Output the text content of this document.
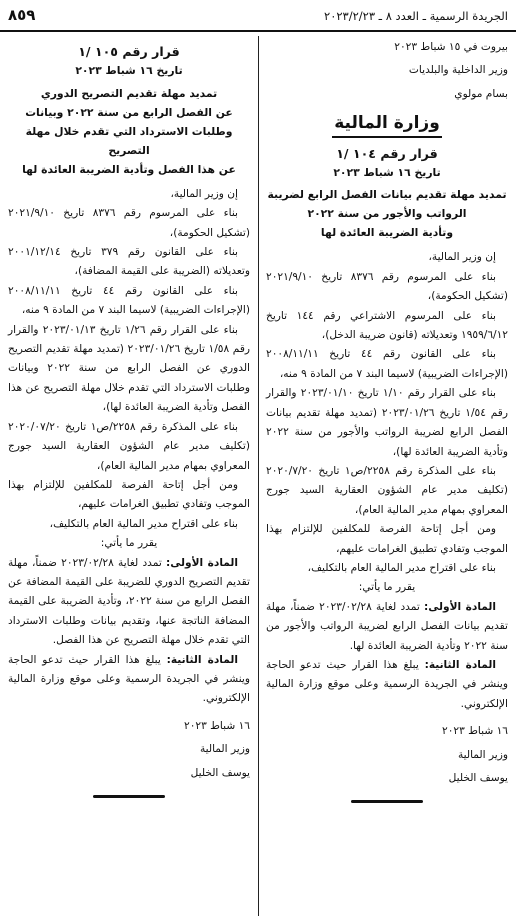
٨٥٩	الجريدة الرسمية ـ العدد ٨ ـ ٢٠٢٣/٢/٢٣

بيروت في ١٥ شباط ٢٠٢٣

وزير الداخلية والبلديات

بسام مولوي

وزارة المالية
قرار رقم ١٠٤ /١
تاريخ ١٦ شباط ٢٠٢٣
تمديد مهلة تقديم بيانات الفصل الرابع لضريبة
الرواتب والأجور من سنة ٢٠٢٢
وتأدية الضريبة العائدة لها

إن وزير المالية،

بناء على المرسوم رقم ٨٣٧٦ تاريخ ٢٠٢١/٩/١٠ (تشكيل الحكومة)،

بناء على المرسوم الاشتراعي رقم ١٤٤ تاريخ ١٩٥٩/٦/١٢ وتعديلاته (قانون ضريبة الدخل)،

بناء على القانون رقم ٤٤ تاريخ ٢٠٠٨/١١/١١ (الإجراءات الضريبية) لاسيما البند ٧ من المادة ٩ منه،

بناء على القرار رقم ١/١٠ تاريخ ٢٠٢٣/٠١/١٠ والقرار رقم ١/٥٤ تاريخ ٢٠٢٣/٠١/٢٦ (تمديد مهلة تقديم بيانات الفصل الرابع لضريبة الرواتب والأجور من سنة ٢٠٢٢ وتأدية الضريبة العائدة لها)،

بناء على المذكرة رقم ٢٢٥٨/ص١ تاريخ ٢٠٢٠/٧/٢٠ (تكليف مدير عام الشؤون العقارية السيد جورج المعراوي بمهام مدير المالية العام)،

ومن أجل إتاحة الفرصة للمكلفين للإلتزام بهذا الموجب وتفادي تطبيق الغرامات عليهم،

بناء على اقتراح مدير المالية العام بالتكليف،

يقرر ما يأتي:

المادة الأولى: تمدد لغاية ٢٠٢٣/٠٢/٢٨ ضمناً، مهلة تقديم بيانات الفصل الرابع لضريبة الرواتب والأجور من سنة ٢٠٢٢ وتأدية الضريبة العائدة لها.

المادة الثانية: يبلغ هذا القرار حيث تدعو الحاجة وينشر في الجريدة الرسمية وعلى موقع وزارة المالية الإلكتروني.

١٦ شباط ٢٠٢٣

وزير المالية

يوسف الخليل

قرار رقم ١٠٥ /١
تاريخ ١٦ شباط ٢٠٢٣
تمديد مهلة تقديم التصريح الدوري
عن الفصل الرابع من سنة ٢٠٢٢ وبيانات
وطلبات الاسترداد التي تقدم خلال مهلة التصريح
عن هذا الفصل وتأدية الضريبة العائدة لها

إن وزير المالية،

بناء على المرسوم رقم ٨٣٧٦ تاريخ ٢٠٢١/٩/١٠ (تشكيل الحكومة)،

بناء على القانون رقم ٣٧٩ تاريخ ٢٠٠١/١٢/١٤ وتعديلاته (الضريبة على القيمة المضافة)،

بناء على القانون رقم ٤٤ تاريخ ٢٠٠٨/١١/١١ (الإجراءات الضريبية) لاسيما البند ٧ من المادة ٩ منه،

بناء على القرار رقم ١/٢٦ تاريخ ٢٠٢٣/٠١/١٣ والقرار رقم ١/٥٨ تاريخ ٢٠٢٣/٠١/٢٦ (تمديد مهلة تقديم التصريح الدوري عن الفصل الرابع من سنة ٢٠٢٢ وبيانات وطلبات الاسترداد التي تقدم خلال مهلة التصريح عن هذا الفصل وتأدية الضريبة العائدة لها)،

بناء على المذكرة رقم ٢٢٥٨/ص١ تاريخ ٢٠٢٠/٠٧/٢٠ (تكليف مدير عام الشؤون العقارية السيد جورج المعراوي بمهام مدير المالية العام)،

ومن أجل إتاحة الفرصة للمكلفين للإلتزام بهذا الموجب وتفادي تطبيق الغرامات عليهم،

بناء على اقتراح مدير المالية العام بالتكليف،

يقرر ما يأتي:

المادة الأولى: تمدد لغاية ٢٠٢٣/٠٢/٢٨ ضمناً، مهلة تقديم التصريح الدوري للضريبة على القيمة المضافة عن الفصل الرابع من سنة ٢٠٢٢، وتأدية الضريبة على القيمة المضافة الناتجة عنها، وتقديم بيانات وطلبات الاسترداد التي تقدم خلال مهلة التصريح عن هذا الفصل.

المادة الثانية: يبلغ هذا القرار حيث تدعو الحاجة وينشر في الجريدة الرسمية وعلى موقع وزارة المالية الإلكتروني.

١٦ شباط ٢٠٢٣

وزير المالية

يوسف الخليل
